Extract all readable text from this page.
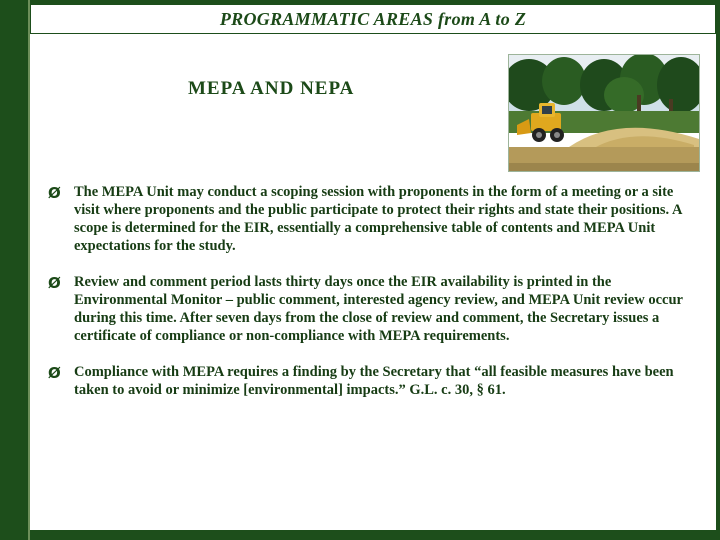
PROGRAMMATIC AREAS from A to Z
MEPA AND NEPA
Ø The MEPA Unit may conduct a scoping session with proponents in the form of a meeting or a site visit where proponents and the public participate to protect their rights and state their positions. A scope is determined for the EIR, essentially a comprehensive table of contents and MEPA Unit expectations for the study.
Ø Review and comment period lasts thirty days once the EIR availability is printed in the Environmental Monitor – public comment, interested agency review, and MEPA Unit review occur during this time. After seven days from the close of review and comment, the Secretary issues a certificate of compliance or non-compliance with MEPA requirements.
Ø Compliance with MEPA requires a finding by the Secretary that “all feasible measures have been taken to avoid or minimize [environmental] impacts.” G.L. c. 30, § 61.
